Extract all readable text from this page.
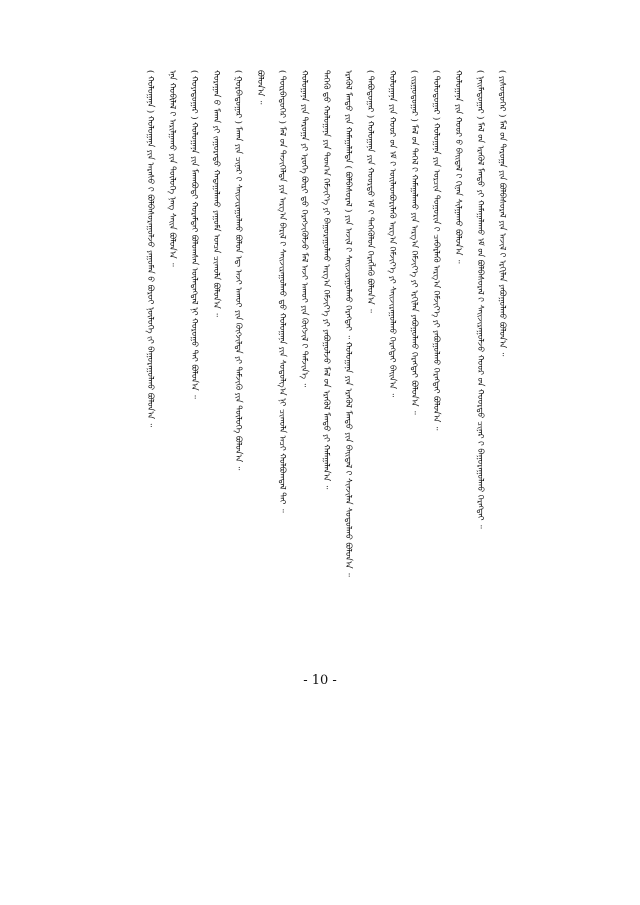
( ᠬᠤᠯᠤᠭᠠᠨᠠ ) ᠬᠤᠯᠤᠭᠠᠨᠠ ᠶᠢᠨ ᠠᠷᠠᠰᠤ ᠢ᠋ ᠪᠣᠯᠪᠠᠰᠤᠷᠠᠭᠤᠯᠵᠤ ᠶᠠᠭᠤᠮᠠᠨ ᠤ᠋ ᠪᠤᠷᠤᠢ ᠨᠥᠯᠦᠭᠡ ᠵᠢ ᠪᠠᠭᠤᠷᠠᠭᠤᠯᠬᠤ ᠪᠣᠯᠤᠨ᠎ᠠ ᠃	ᠡᠨᠡ ᠬᠤᠪᠢᠯᠠᠯ ᠢ᠋ ᠠᠷᠢᠯᠭᠠᠬᠤ ᠶᠢᠨ ᠲᠥᠯᠥᠭᠡ ᠨᠡᠩ ᠰᠠᠢᠨ ᠪᠣᠯᠤᠨ᠎ᠠ ᠃	( ᠬᠣᠶᠠᠳᠤᠭᠠᠷ ) ᠬᠤᠯᠤᠭᠠᠨᠠ ᠶᠢᠨ ᠮᠠᠬᠠᠪᠣᠳᠢ ᠬᠤᠷᠠᠮᠲᠠᠢ ᠪᠣᠯᠤᠭᠰᠠᠨ ᠦᠯᠡᠳᠡᠭᠳᠡᠯ ᠨᠢ ᠬᠣᠷᠣᠭᠤ ᠲᠠᠢ ᠪᠣᠯᠤᠨ᠎ᠠ ᠃	ᠬᠤᠷᠠᠭᠠᠨ ᠤ᠋ ᠮᠠᠬᠠ ᠶᠢ ᠵᠠᠭᠤᠷᠠᠳᠤ ᠬᠠᠳᠠᠭᠠᠯᠠᠬᠤ ᠶᠠᠭᠤᠮᠠ ᠣᠨᠴᠠ ᠴᠢᠬᠤᠯᠠ ᠪᠣᠯᠤᠨ᠎ᠠ ᠃	( ᠭᠤᠷᠪᠠᠳᠤᠭᠠᠷ ) ᠮᠠᠬᠠ ᠶᠢᠨ ᠴᠢᠨᠠᠷ ᠢ᠋ ᠰᠠᠢᠵᠢᠷᠠᠭᠤᠯᠬᠤ ᠪᠣᠯᠤᠨ ᠡᠳ᠋ ᠠᠵᠢ ᠠᠬᠤᠢ ᠶᠢᠨ ᠬᠥᠭᠵᠢᠯᠲᠡ ᠶᠢ ᠳᠡᠮᠵᠢᠬᠦ ᠶᠢᠨ ᠲᠥᠯᠥᠭᠡ ᠪᠣᠯᠤᠨ᠎ᠠ ᠃	ᠪᠣᠯᠤᠨ᠎ᠠ ᠃	( ᠳᠥᠷᠪᠡᠳᠦᠭᠡᠷ ) ᠮᠠᠯ ᠤ᠋ᠨ ᠲᠡᠵᠢᠭᠡᠯᠲᠡ ᠶᠢᠨ ᠠᠷᠭ᠎ᠠ ᠪᠠᠷᠢᠯ ᠢ᠋ ᠰᠠᠢᠵᠢᠷᠠᠭᠤᠯᠬᠤ ᠳ᠋ᠤ᠌ ᠬᠤᠯᠤᠭᠠᠨᠠ ᠶᠢᠨ ᠰᠤᠳᠤᠯᠭ᠎ᠠ ᠨᠢ ᠴᠢᠬᠤᠯᠠ ᠠᠴᠢ ᠬᠣᠯᠪᠣᠭᠳᠠᠯ ᠲᠠᠢ ᠃	ᠬᠤᠯᠤᠭᠠᠨᠠ ᠶᠢᠨ ᠳᠠᠷᠤᠭᠠ ᠶᠢ ᠡᠷᠦᠬᠡ ᠪᠥᠷᠢ ᠳ᠋ᠤ᠌ ᠬᠡᠷᠡᠭᠵᠢᠭᠦᠯᠵᠦ ᠮᠠᠯ ᠠᠵᠢ ᠠᠬᠤᠢ ᠶᠢᠨ ᠬᠥᠭᠵᠢᠯ ᠢ᠋ ᠳᠡᠮᠵᠢᠨ᠎ᠡ ᠃	ᠲᠡᠭᠡᠬᠦ ᠳ᠋ᠤ᠌ ᠬᠤᠯᠤᠭᠠᠨᠠ ᠶᠢᠨ ᠲᠣᠭ᠎ᠠ ᠬᠡᠮᠵᠢᠶ᠎ᠡ ᠶᠢ ᠪᠠᠭᠤᠷᠠᠭᠤᠯᠬᠤ ᠠᠷᠭ᠎ᠠ ᠬᠡᠮᠵᠢᠶ᠎ᠡ ᠶᠢ ᠶᠠᠪᠤᠭᠤᠯᠵᠤ ᠮᠠᠯ ᠤ᠋ᠨ ᠡᠷᠡᠭᠦᠯ ᠮᠡᠨᠳᠦ ᠶᠢ ᠬᠠᠮᠠᠭᠠᠯᠠᠨ᠎ᠠ ᠃	ᠡᠷᠡᠭᠦᠯ ᠮᠡᠨᠳᠦ ᠶᠢᠨ ᠬᠠᠮᠠᠭᠠᠯᠠᠯᠲᠠ ( ᠪᠣᠯᠪᠠᠰᠤᠷᠠᠯ ) ᠶᠢᠨ ᠠᠵᠢᠯ ᠢ᠋ ᠰᠠᠢᠵᠢᠷᠠᠭᠤᠯᠬᠤ ᠬᠡᠷᠡᠭᠲᠡᠢ ᠃ ᠬᠤᠯᠤᠭᠠᠨᠠ ᠶᠢᠨ ᠡᠷᠡᠭᠦᠯ ᠮᠡᠨᠳᠦ ᠶᠢᠨ ᠪᠠᠢᠳᠠᠯ ᠢ᠋ ᠰᠢᠨᠵᠢᠯᠡᠨ ᠰᠤᠳᠤᠯᠬᠤ ᠪᠣᠯᠤᠨ᠎ᠠ ᠃	( ᠲᠠᠪᠤᠳᠤᠭᠠᠷ ) ᠬᠤᠯᠤᠭᠠᠨᠠ ᠶᠢᠨ ᠬᠣᠣᠷᠲᠤ ᠡᠮ ᠢ᠋ ᠲᠡᠭᠡᠭᠦᠯᠦᠨ ᠬᠡᠷᠡᠭᠯᠡᠬᠦ ᠪᠣᠯᠤᠨ᠎ᠠ ᠃	ᠬᠤᠯᠤᠭᠠᠨᠠ ᠶᠢᠨ ᠬᠣᠣᠷ ᠤ᠋ᠨ ᠡᠮ ᠢ᠋ ᠦᠢᠯᠡᠳᠪᠦᠷᠢᠯᠡᠬᠦ ᠠᠷᠭ᠎ᠠ ᠬᠡᠮᠵᠢᠶ᠎ᠡ ᠶᠢ ᠰᠠᠢᠵᠢᠷᠠᠭᠤᠯᠬᠤ ᠬᠡᠷᠡᠭᠲᠡᠢ ᠪᠠᠢᠨ᠎ᠠ ᠃	( ᠵᠢᠷᠭᠤᠳᠤᠭᠠᠷ ) ᠮᠠᠯ ᠤ᠋ᠨ ᠳᠡᠭᠡᠯ ᠢ᠋ ᠬᠠᠮᠠᠭᠠᠯᠠᠬᠤ ᠶᠢᠨ ᠠᠷᠭ᠎ᠠ ᠬᠡᠮᠵᠢᠶ᠎ᠡ ᠶᠢ ᠡᠷᠬᠢᠯᠡᠨ ᠶᠠᠪᠤᠭᠤᠯᠬᠤ ᠬᠡᠷᠡᠭᠲᠡᠢ ᠪᠣᠯᠤᠨ᠎ᠠ ᠃	( ᠳᠣᠯᠣᠳᠤᠭᠠᠷ ) ᠬᠤᠯᠤᠭᠠᠨᠠ ᠶᠢᠨ ᠣᠷᠴᠢᠨ ᠲᠣᠭᠣᠷᠢᠨ ᠢ᠋ ᠴᠡᠪᠡᠷᠯᠡᠬᠦ ᠠᠷᠭ᠎ᠠ ᠬᠡᠮᠵᠢᠶ᠎ᠡ ᠶᠢ ᠶᠠᠪᠤᠭᠤᠯᠬᠤ ᠬᠡᠷᠡᠭᠲᠡᠢ ᠪᠣᠯᠤᠨ᠎ᠠ ᠃	ᠬᠤᠯᠤᠭᠠᠨᠠ ᠶᠢᠨ ᠬᠣᠣᠷ ᠤ᠋ ᠪᠠᠢᠳᠠᠯ ᠢ᠋ ᠬᠢᠨᠠᠨ ᠰᠢᠯᠭᠠᠬᠤ ᠪᠣᠯᠤᠨ᠎ᠠ ᠃	( ᠨᠠᠢᠮᠠᠳᠤᠭᠠᠷ ) ᠮᠠᠯ ᠤ᠋ᠨ ᠡᠷᠡᠭᠦᠯ ᠮᠡᠨᠳᠦ ᠶᠢ ᠬᠠᠮᠠᠭᠠᠯᠠᠬᠤ ᠡᠮ ᠦ᠋ᠨ ᠪᠣᠯᠪᠠᠰᠤᠷᠠᠯ ᠢ᠋ ᠰᠠᠢᠵᠢᠷᠠᠭᠤᠯᠵᠤ ᠬᠣᠣᠷ ᠤ᠋ᠨ ᠬᠣᠣᠷᠲᠤ ᠴᠢᠨᠠᠷ ᠢ᠋ ᠪᠠᠭᠤᠷᠠᠭᠤᠯᠬᠤ ᠬᠡᠷᠡᠭᠲᠡᠢ ᠃	( ᠶᠢᠰᠦᠳᠦᠭᠡᠷ ) ᠮᠠᠯ ᠤ᠋ᠨ ᠳᠠᠷᠤᠭᠠ ᠶᠢᠨ ᠪᠣᠯᠪᠠᠰᠤᠷᠠᠯ ᠶᠢᠨ ᠠᠵᠢᠯ ᠢ᠋ ᠡᠷᠬᠢᠯᠡᠨ ᠶᠠᠪᠤᠭᠤᠯᠬᠤ ᠪᠣᠯᠤᠨ᠎ᠠ ᠃
- 10 -
